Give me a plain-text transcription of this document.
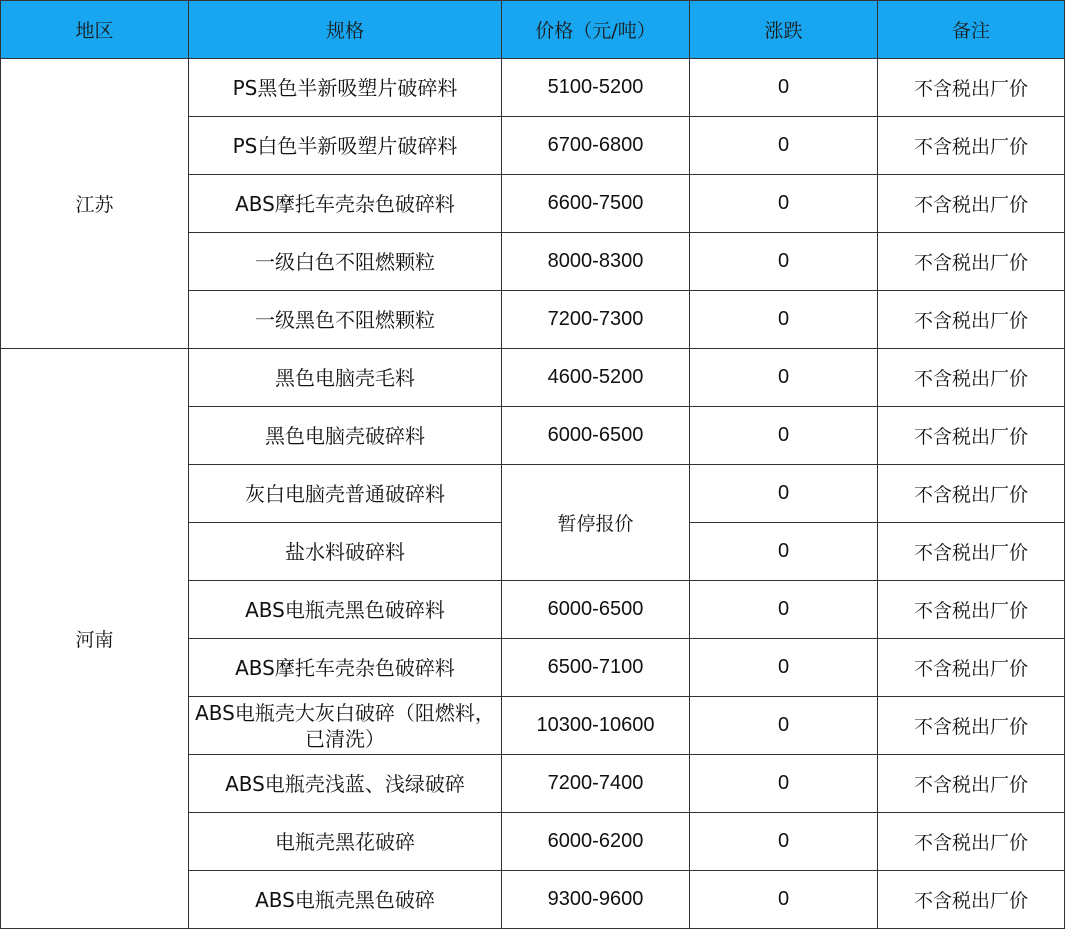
地区	规格	价格（元/吨）	涨跌	备注
江苏	PS黑色半新吸塑片破碎料	5100-5200	0	不含税出厂价
	PS白色半新吸塑片破碎料	6700-6800	0	不含税出厂价
	ABS摩托车壳杂色破碎料	6600-7500	0	不含税出厂价
	一级白色不阻燃颗粒	8000-8300	0	不含税出厂价
	一级黑色不阻燃颗粒	7200-7300	0	不含税出厂价
河南	黑色电脑壳毛料	4600-5200	0	不含税出厂价
	黑色电脑壳破碎料	6000-6500	0	不含税出厂价
	灰白电脑壳普通破碎料	暂停报价	0	不含税出厂价
	盐水料破碎料		0	不含税出厂价
	ABS电瓶壳黑色破碎料	6000-6500	0	不含税出厂价
	ABS摩托车壳杂色破碎料	6500-7100	0	不含税出厂价
	ABS电瓶壳大灰白破碎（阻燃料，已清洗）	10300-10600	0	不含税出厂价
	ABS电瓶壳浅蓝、浅绿破碎	7200-7400	0	不含税出厂价
	电瓶壳黑花破碎	6000-6200	0	不含税出厂价
	ABS电瓶壳黑色破碎	9300-9600	0	不含税出厂价
